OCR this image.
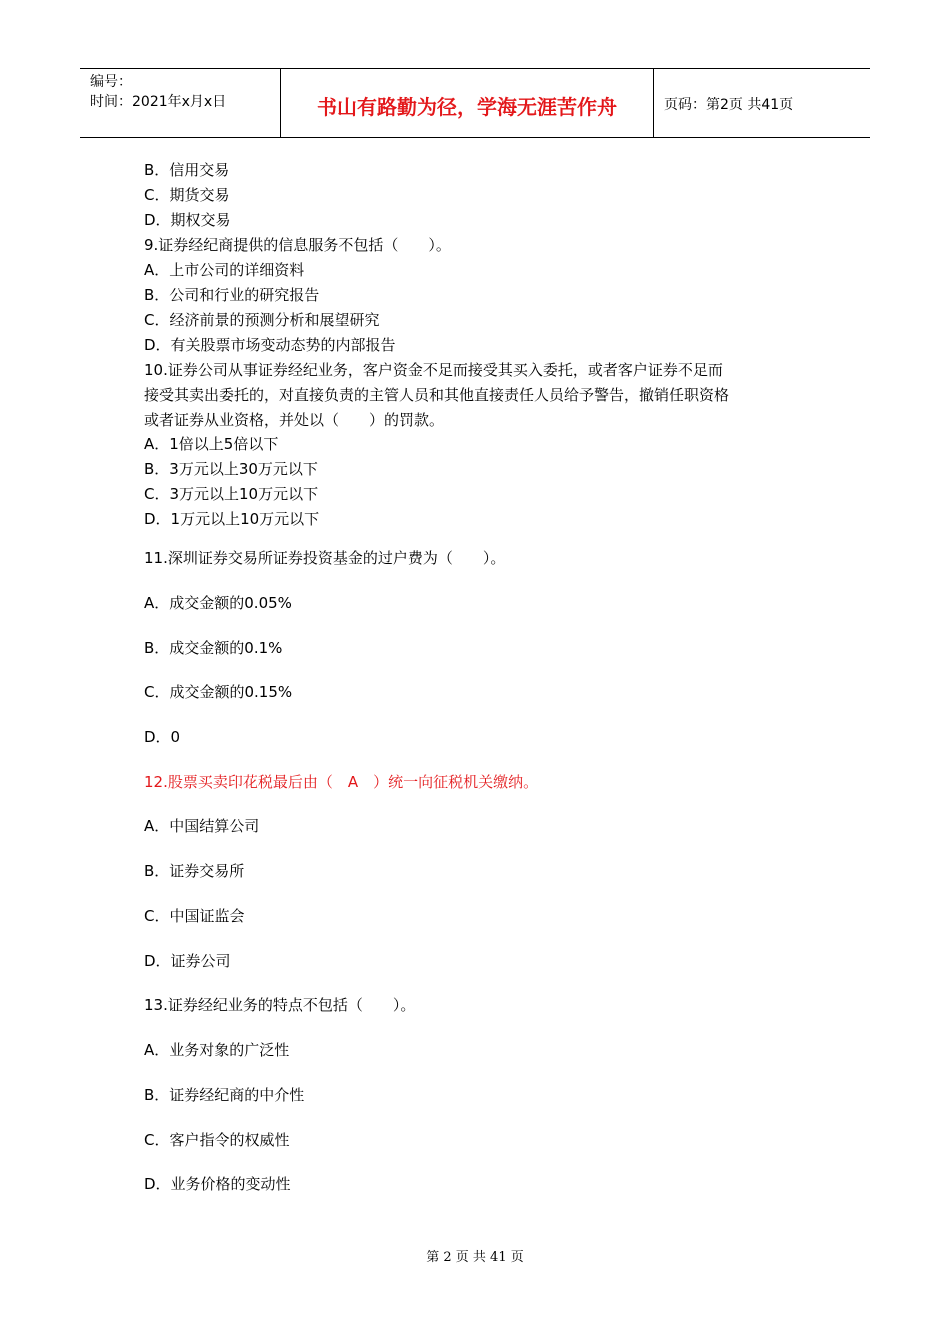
编号：
时间：2021年x月x日	书山有路勤为径，学海无涯苦作舟	页码：第2页 共41页
B．信用交易
C．期货交易
D．期权交易
9.证券经纪商提供的信息服务不包括（　　）。
A．上市公司的详细资料
B．公司和行业的研究报告
C．经济前景的预测分析和展望研究
D．有关股票市场变动态势的内部报告
10.证券公司从事证券经纪业务，客户资金不足而接受其买入委托，或者客户证券不足而
接受其卖出委托的，对直接负责的主管人员和其他直接责任人员给予警告，撤销任职资格
或者证券从业资格，并处以（　　）的罚款。
A．1倍以上5倍以下
B．3万元以上30万元以下
C．3万元以上10万元以下
D．1万元以上10万元以下
11.深圳证券交易所证券投资基金的过户费为（　　）。
A．成交金额的0.05%
B．成交金额的0.1%
C．成交金额的0.15%
D．0
12.股票买卖印花税最后由（　A　）统一向征税机关缴纳。
A．中国结算公司
B．证券交易所
C．中国证监会
D．证券公司
13.证券经纪业务的特点不包括（　　）。
A．业务对象的广泛性
B．证券经纪商的中介性
C．客户指令的权威性
D．业务价格的变动性
第 2 页 共 41 页
